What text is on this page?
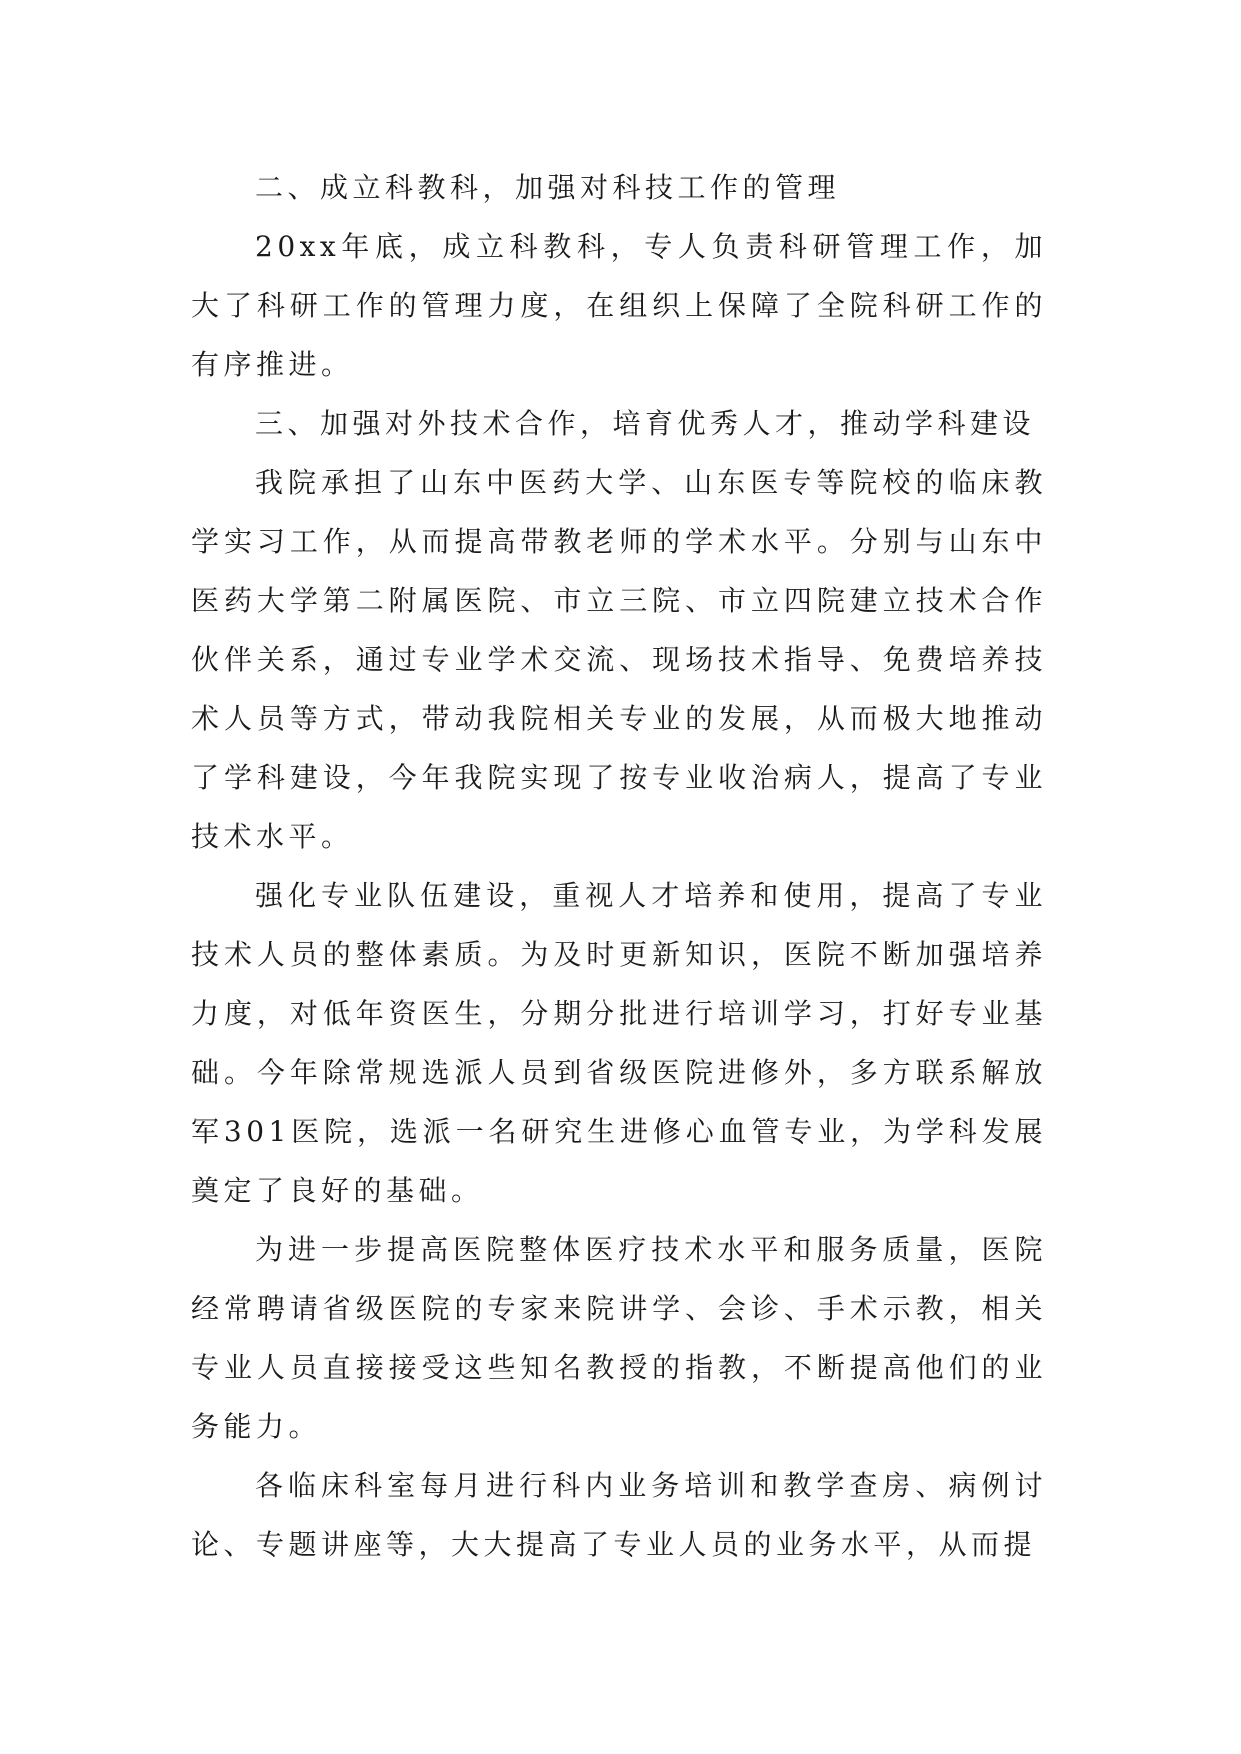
二、成立科教科，加强对科技工作的管理

20xx年底，成立科教科，专人负责科研管理工作，加大了科研工作的管理力度，在组织上保障了全院科研工作的有序推进。

三、加强对外技术合作，培育优秀人才，推动学科建设

我院承担了山东中医药大学、山东医专等院校的临床教学实习工作，从而提高带教老师的学术水平。分别与山东中医药大学第二附属医院、市立三院、市立四院建立技术合作伙伴关系，通过专业学术交流、现场技术指导、免费培养技术人员等方式，带动我院相关专业的发展，从而极大地推动了学科建设，今年我院实现了按专业收治病人，提高了专业技术水平。

强化专业队伍建设，重视人才培养和使用，提高了专业技术人员的整体素质。为及时更新知识，医院不断加强培养力度，对低年资医生，分期分批进行培训学习，打好专业基础。今年除常规选派人员到省级医院进修外，多方联系解放军301医院，选派一名研究生进修心血管专业，为学科发展奠定了良好的基础。

为进一步提高医院整体医疗技术水平和服务质量，医院经常聘请省级医院的专家来院讲学、会诊、手术示教，相关专业人员直接接受这些知名教授的指教，不断提高他们的业务能力。

各临床科室每月进行科内业务培训和教学查房、病例讨论、专题讲座等，大大提高了专业人员的业务水平，从而提
